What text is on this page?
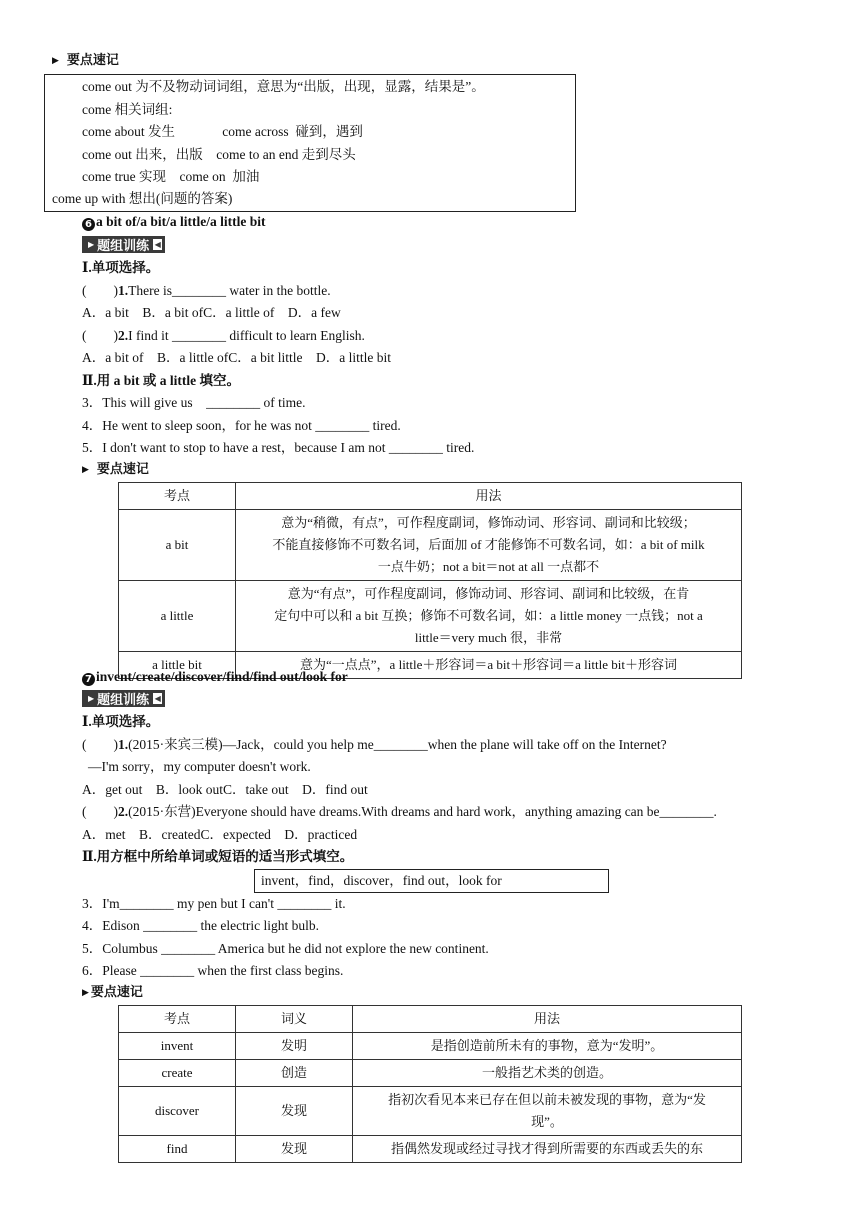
▶ 要点速记
come out 为不及物动词词组，意思为“出版，出现，显露，结果是”。
come 相关词组:
come about 发生              come across  碰到，遇到
come out 出来，出版    come to an end 走到尽头
come true 实现    come on  加油
come up with 想出(问题的答案)
6 a bit of/a bit/a little/a little bit
▶ 题组训练 ◀
Ⅰ.单项选择。
(　　)1.There is________ water in the bottle.
A．a bit    B．a bit ofC．a little of    D．a few
(　　)2.I find it ________ difficult to learn English.
A．a bit of    B．a little ofC．a bit little    D．a little bit
Ⅱ.用 a bit 或 a little 填空。
3．This will give us    ________ of time.
4．He went to sleep soon，for he was not ________ tired.
5．I don't want to stop to have a rest，because I am not ________ tired.
▶ 要点速记
考点	用法
a bit	意为“稍微，有点”，可作程度副词，修饰动词、形容词、副词和比较级；
不能直接修饰不可数名词，后面加 of 才能修饰不可数名词，如：a bit of milk
一点牛奶；not a bit＝not at all 一点都不

a little	意为“有点”，可作程度副词，修饰动词、形容词、副词和比较级，在肯
定句中可以和 a bit 互换；修饰不可数名词，如：a little money 一点钱；not a
little＝very much 很，非常

a little bit	意为“一点点”，a little＋形容词＝a bit＋形容词＝a little bit＋形容词
7 invent/create/discover/find/find out/look for
▶ 题组训练 ◀
Ⅰ.单项选择。
(　　)1.(2015·来宾三模)—Jack，could you help me________when the plane will take off on the Internet?
—I'm sorry，my computer doesn't work.
A．get out    B．look outC．take out    D．find out
(　　)2.(2015·东营)Everyone should have dreams.With dreams and hard work，anything amazing can be________.
A．met    B．createdC．expected    D．practiced
Ⅱ.用方框中所给单词或短语的适当形式填空。
invent，find，discover，find out，look for
3．I'm________ my pen but I can't ________ it.
4．Edison ________ the electric light bulb.
5．Columbus ________ America but he did not explore the new continent.
6．Please ________ when the first class begins.
▶ 要点速记
考点	词义	用法
invent	发明	是指创造前所未有的事物，意为“发明”。
create	创造	一般指艺术类的创造。
discover	发现	指初次看见本来已存在但以前未被发现的事物，意为“发
现”。

find	发现	指偶然发现或经过寻找才得到所需要的东西或丢失的东
